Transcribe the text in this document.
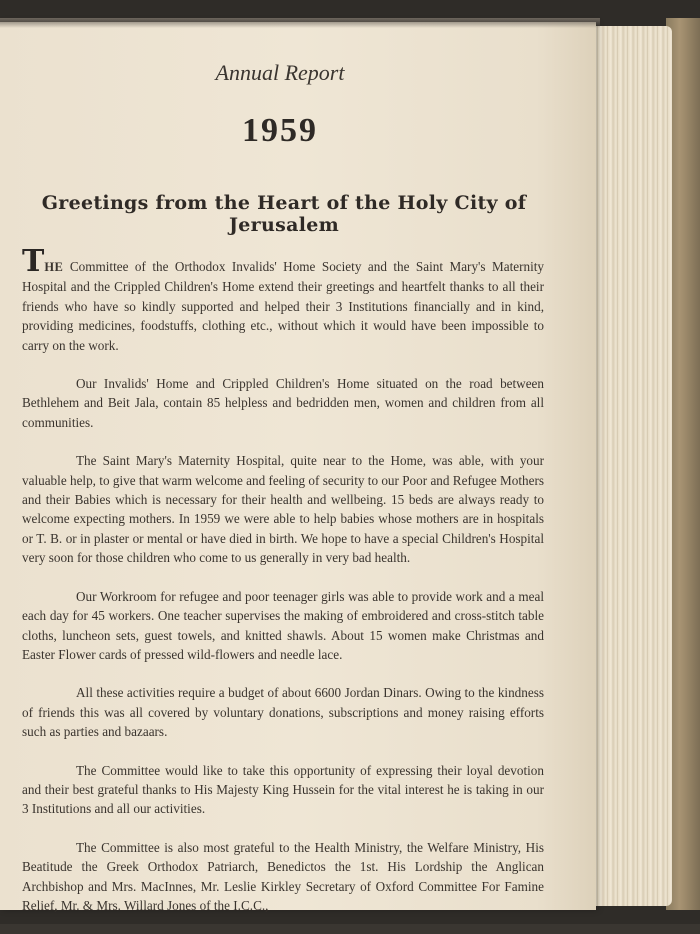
Annual Report
1959
Greetings from the Heart of the Holy City of Jerusalem

THE Committee of the Orthodox Invalids' Home Society and the Saint Mary's Maternity Hospital and the Crippled Children's Home extend their greetings and heartfelt thanks to all their friends who have so kindly supported and helped their 3 Institutions financially and in kind, providing medicines, foodstuffs, clothing etc., without which it would have been impossible to carry on the work.

Our Invalids' Home and Crippled Children's Home situated on the road between Bethlehem and Beit Jala, contain 85 helpless and bedridden men, women and children from all communities.

The Saint Mary's Maternity Hospital, quite near to the Home, was able, with your valuable help, to give that warm welcome and feeling of security to our Poor and Refugee Mothers and their Babies which is necessary for their health and wellbeing. 15 beds are always ready to welcome expecting mothers. In 1959 we were able to help babies whose mothers are in hospitals or T. B. or in plaster or mental or have died in birth. We hope to have a special Children's Hospital very soon for those children who come to us generally in very bad health.

Our Workroom for refugee and poor teenager girls was able to provide work and a meal each day for 45 workers. One teacher supervises the making of embroidered and cross-stitch table cloths, luncheon sets, guest towels, and knitted shawls. About 15 women make Christmas and Easter Flower cards of pressed wild-flowers and needle lace.

All these activities require a budget of about 6600 Jordan Dinars. Owing to the kindness of friends this was all covered by voluntary donations, subscriptions and money raising efforts such as parties and bazaars.

The Committee would like to take this opportunity of expressing their loyal devotion and their best grateful thanks to His Majesty King Hussein for the vital interest he is taking in our 3 Institutions and all our activities.

The Committee is also most grateful to the Health Ministry, the Welfare Ministry, His Beatitude the Greek Orthodox Patriarch, Benedictos the 1st. His Lordship the Anglican Archbishop and Mrs. MacInnes, Mr. Leslie Kirkley Secretary of Oxford Committee For Famine Relief, Mr. & Mrs. Willard Jones of the I.C.C.,
